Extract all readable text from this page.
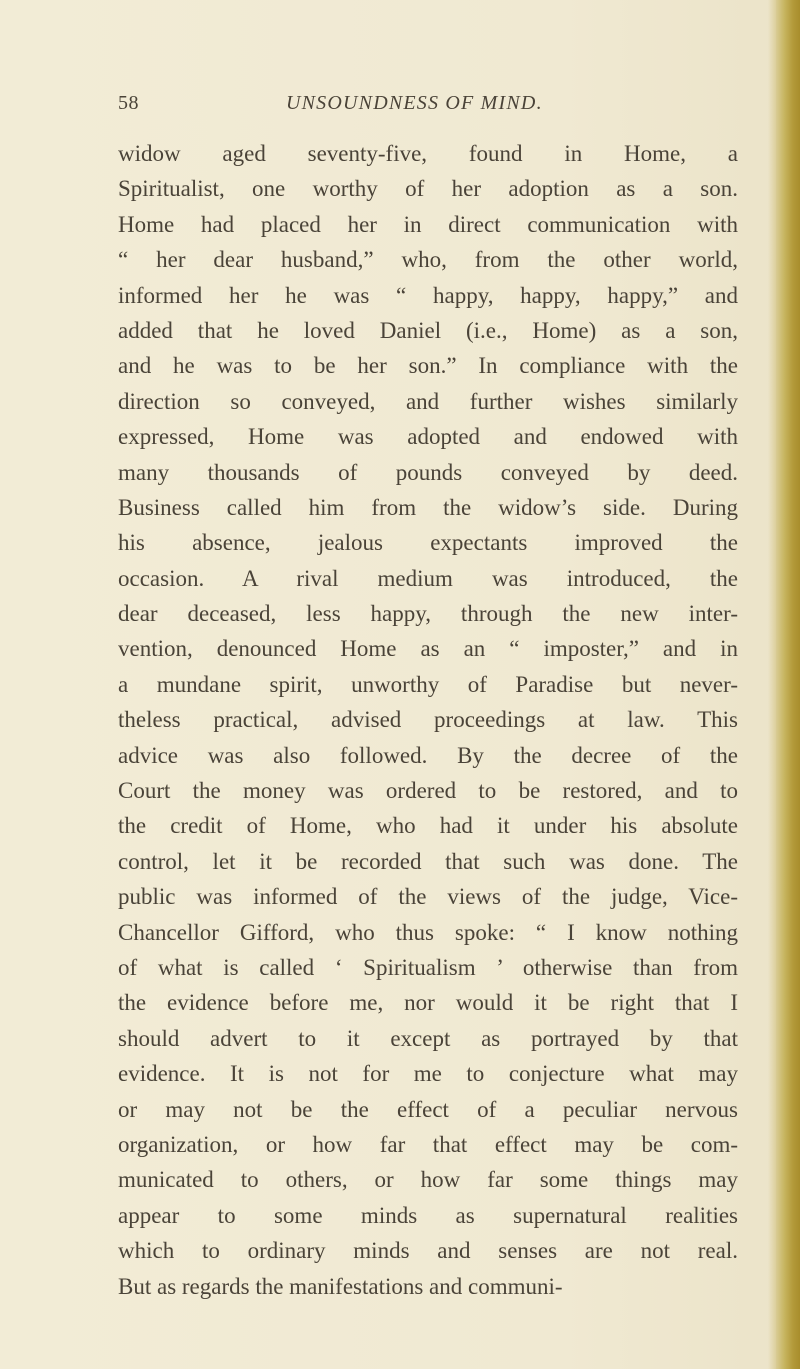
58	UNSOUNDNESS OF MIND.
widow aged seventy-five, found in Home, a
Spiritualist, one worthy of her adoption as a son.
Home had placed her in direct communication with
“ her dear husband,” who, from the other world,
informed her he was “ happy, happy, happy,” and
added that he loved Daniel (i.e., Home) as a son,
and he was to be her son.” In compliance with the
direction so conveyed, and further wishes similarly
expressed, Home was adopted and endowed with
many thousands of pounds conveyed by deed.
Business called him from the widow’s side. During
his absence, jealous expectants improved the
occasion. A rival medium was introduced, the
dear deceased, less happy, through the new inter-
vention, denounced Home as an “ imposter,” and in
a mundane spirit, unworthy of Paradise but never-
theless practical, advised proceedings at law. This
advice was also followed. By the decree of the
Court the money was ordered to be restored, and to
the credit of Home, who had it under his absolute
control, let it be recorded that such was done. The
public was informed of the views of the judge, Vice-
Chancellor Gifford, who thus spoke: “ I know nothing
of what is called ‘ Spiritualism ’ otherwise than from
the evidence before me, nor would it be right that I
should advert to it except as portrayed by that
evidence. It is not for me to conjecture what may
or may not be the effect of a peculiar nervous
organization, or how far that effect may be com-
municated to others, or how far some things may
appear to some minds as supernatural realities
which to ordinary minds and senses are not real.
But as regards the manifestations and communi-
